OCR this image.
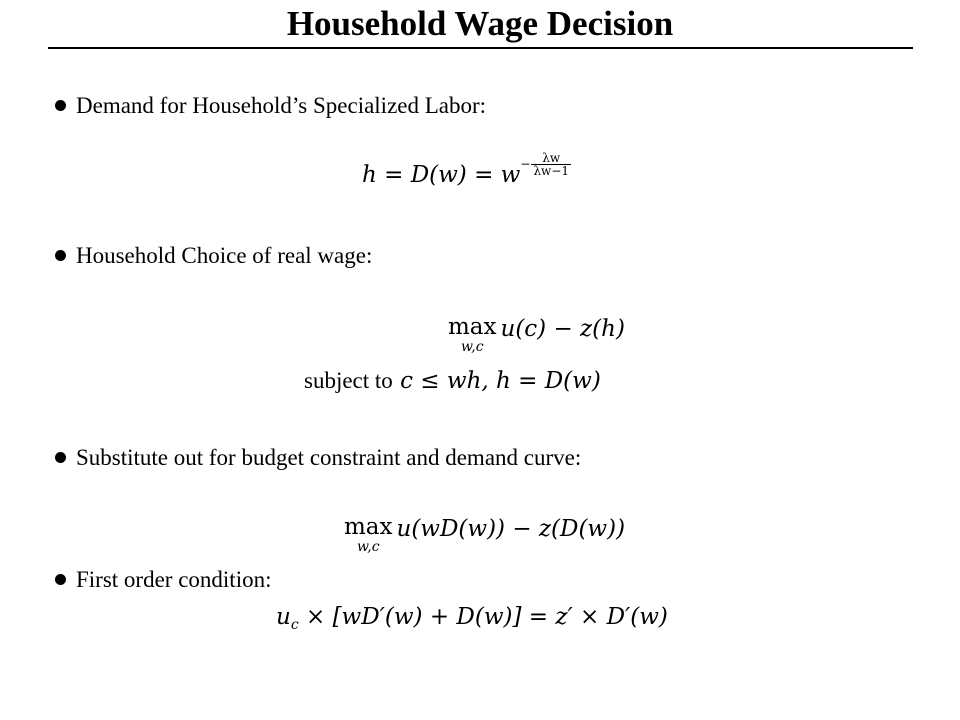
Household Wage Decision
Demand for Household’s Specialized Labor:
$h = D(w) = w^- \frac{\lambda w}{\lambda w-1}$
Household Choice of real wage:
max
w,c
u(c) − z(h)
subject to c ≤ wh, h = D(w)
Substitute out for budget constraint and demand curve:
max
w,c
u(wD(w)) − z(D(w))
First order condition:
$u_c \times [wD'(w) + D(w)] = z' \times D'(w)$
